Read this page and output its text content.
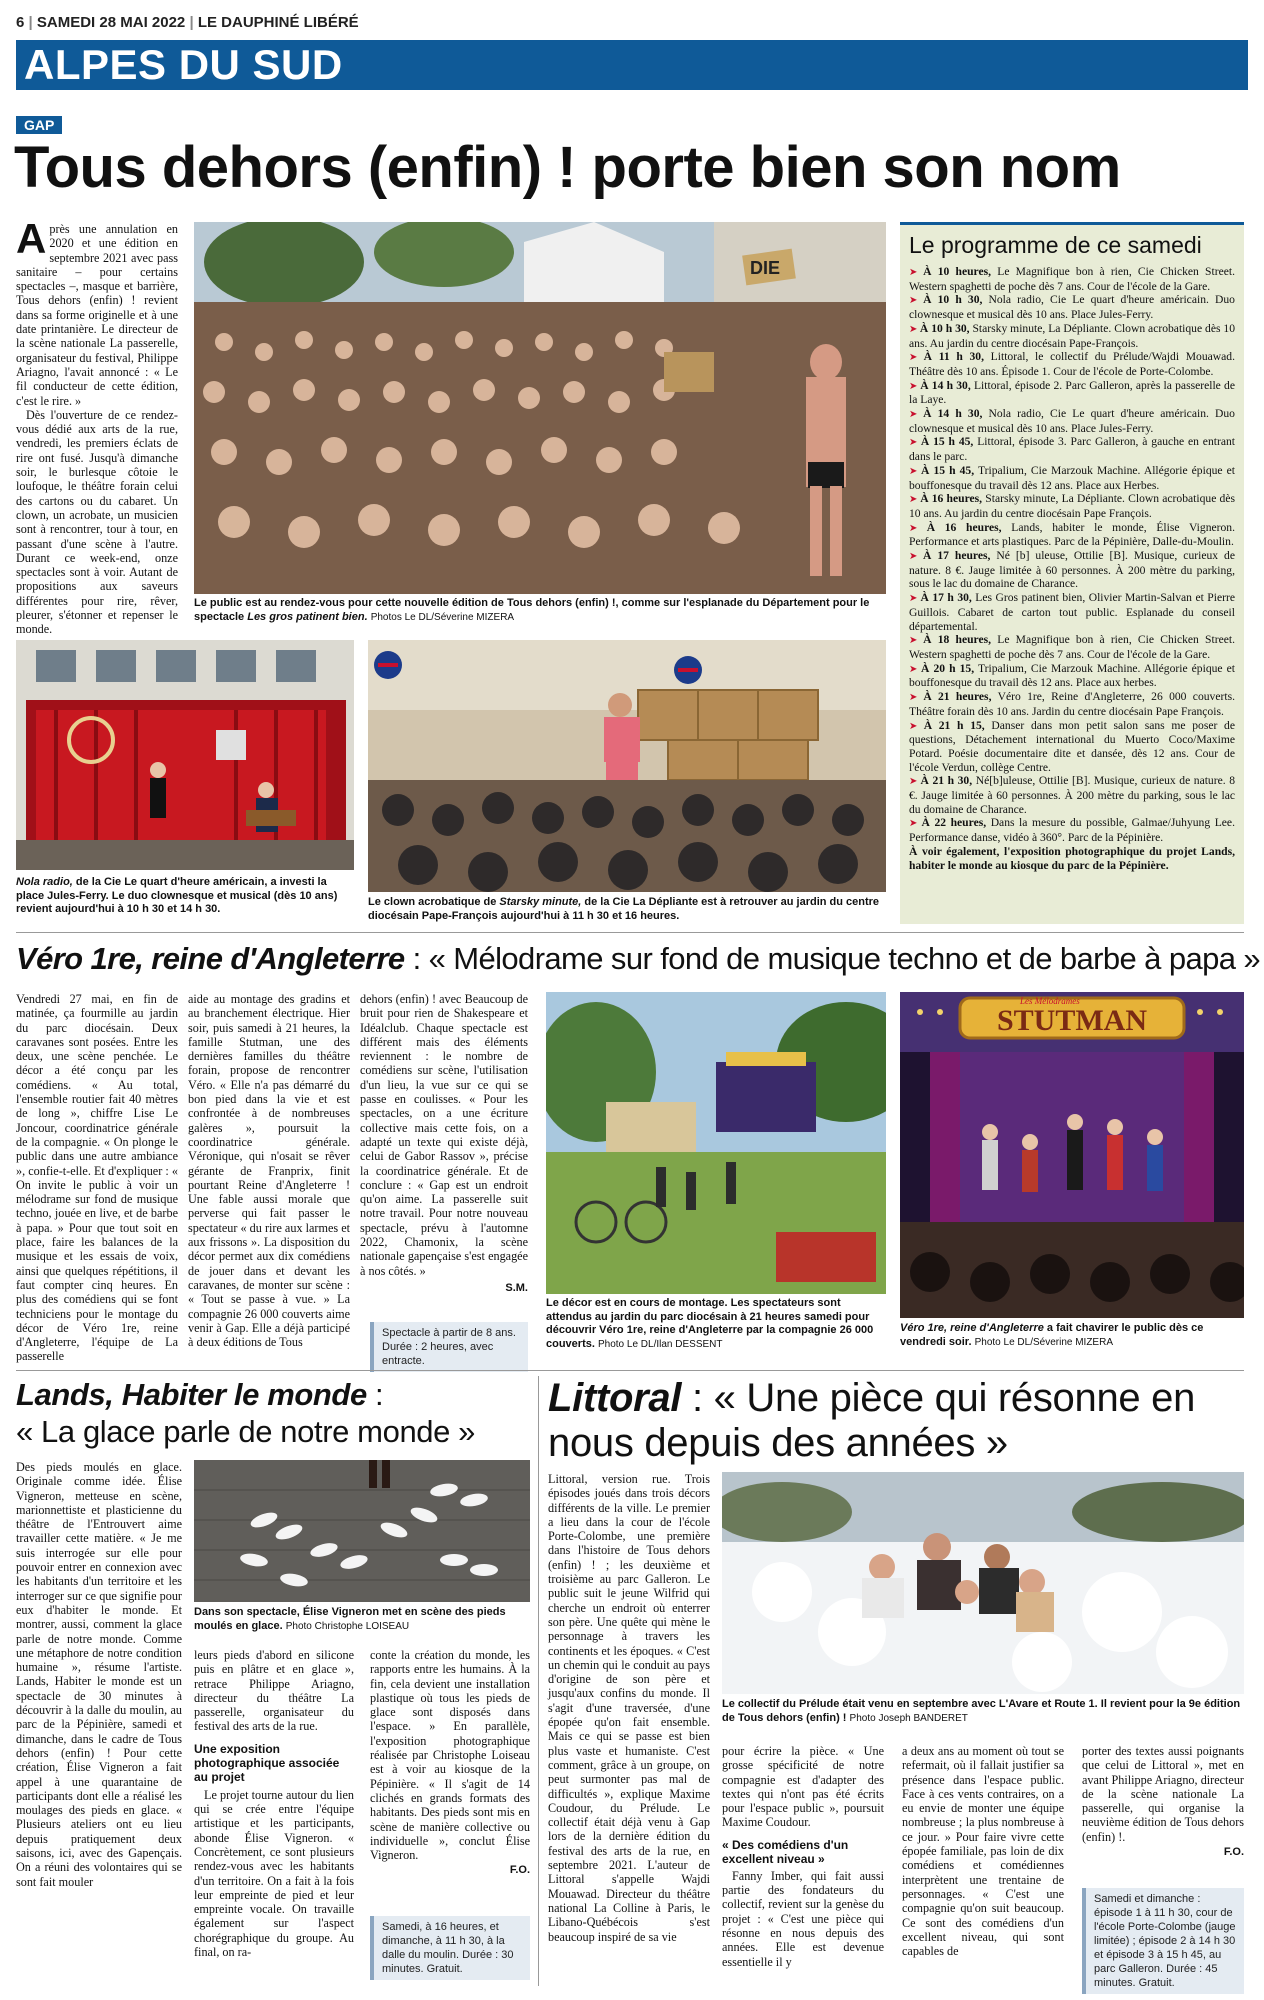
6 | SAMEDI 28 MAI 2022 | LE DAUPHINÉ LIBÉRÉ
ALPES DU SUD
GAP
Tous dehors (enfin) ! porte bien son nom

Après une annulation en 2020 et une édition en septembre 2021 avec pass sanitaire – pour certains spectacles –, masque et barrière, Tous dehors (enfin) ! revient dans sa forme originelle et à une date printanière. Le directeur de la scène nationale La passerelle, organisateur du festival, Philippe Ariagno, l'avait annoncé : « Le fil conducteur de cette édition, c'est le rire. »

Dès l'ouverture de ce rendez-vous dédié aux arts de la rue, vendredi, les premiers éclats de rire ont fusé. Jusqu'à dimanche soir, le burlesque côtoie le loufoque, le théâtre forain celui des cartons ou du cabaret. Un clown, un acrobate, un musicien sont à rencontrer, tour à tour, en passant d'une scène à l'autre. Durant ce week-end, onze spectacles sont à voir. Autant de propositions aux saveurs différentes pour rire, rêver, pleurer, s'étonner et repenser le monde.

DIE
Le public est au rendez-vous pour cette nouvelle édition de Tous dehors (enfin) !, comme sur l'esplanade du Département pour le spectacle Les gros patinent bien. Photos Le DL/Séverine MIZERA
Nola radio, de la Cie Le quart d'heure américain, a investi la place Jules-Ferry. Le duo clownesque et musical (dès 10 ans) revient aujourd'hui à 10 h 30 et 14 h 30.
Le clown acrobatique de Starsky minute, de la Cie La Dépliante est à retrouver au jardin du centre diocésain Pape-François aujourd'hui à 11 h 30 et 16 heures.
Le programme de ce samedi
➤ À 10 heures, Le Magnifique bon à rien, Cie Chicken Street. Western spaghetti de poche dès 7 ans. Cour de l'école de la Gare.
➤ À 10 h 30, Nola radio, Cie Le quart d'heure américain. Duo clownesque et musical dès 10 ans. Place Jules-Ferry.
➤ À 10 h 30, Starsky minute, La Dépliante. Clown acrobatique dès 10 ans. Au jardin du centre diocésain Pape-François.
➤ À 11 h 30, Littoral, le collectif du Prélude/Wajdi Mouawad. Théâtre dès 10 ans. Épisode 1. Cour de l'école de Porte-Colombe.
➤ À 14 h 30, Littoral, épisode 2. Parc Galleron, après la passerelle de la Laye.
➤ À 14 h 30, Nola radio, Cie Le quart d'heure américain. Duo clownesque et musical dès 10 ans. Place Jules-Ferry.
➤ À 15 h 45, Littoral, épisode 3. Parc Galleron, à gauche en entrant dans le parc.
➤ À 15 h 45, Tripalium, Cie Marzouk Machine. Allégorie épique et bouffonesque du travail dès 12 ans. Place aux Herbes.
➤ À 16 heures, Starsky minute, La Dépliante. Clown acrobatique dès 10 ans. Au jardin du centre diocésain Pape François.
➤ À 16 heures, Lands, habiter le monde, Élise Vigneron. Performance et arts plastiques. Parc de la Pépinière, Dalle-du-Moulin.
➤ À 17 heures, Né [b] uleuse, Ottilie [B]. Musique, curieux de nature. 8 €. Jauge limitée à 60 personnes. À 200 mètre du parking, sous le lac du domaine de Charance.
➤ À 17 h 30, Les Gros patinent bien, Olivier Martin-Salvan et Pierre Guillois. Cabaret de carton tout public. Esplanade du conseil départemental.
➤ À 18 heures, Le Magnifique bon à rien, Cie Chicken Street. Western spaghetti de poche dès 7 ans. Cour de l'école de la Gare.
➤ À 20 h 15, Tripalium, Cie Marzouk Machine. Allégorie épique et bouffonesque du travail dès 12 ans. Place aux herbes.
➤ À 21 heures, Véro 1re, Reine d'Angleterre, 26 000 couverts. Théâtre forain dès 10 ans. Jardin du centre diocésain Pape François.
➤ À 21 h 15, Danser dans mon petit salon sans me poser de questions, Détachement international du Muerto Coco/Maxime Potard. Poésie documentaire dite et dansée, dès 12 ans. Cour de l'école Verdun, collège Centre.
➤ À 21 h 30, Né[b]uleuse, Ottilie [B]. Musique, curieux de nature. 8 €. Jauge limitée à 60 personnes. À 200 mètre du parking, sous le lac du domaine de Charance.
➤ À 22 heures, Dans la mesure du possible, Galmae/Juhyung Lee. Performance danse, vidéo à 360°. Parc de la Pépinière.
À voir également, l'exposition photographique du projet Lands, habiter le monde au kiosque du parc de la Pépinière.
Véro 1re, reine d'Angleterre : « Mélodrame sur fond de musique techno et de barbe à papa »

Vendredi 27 mai, en fin de matinée, ça fourmille au jardin du parc diocésain. Deux caravanes sont posées. Entre les deux, une scène penchée. Le décor a été conçu par les comédiens. « Au total, l'ensemble routier fait 40 mètres de long », chiffre Lise Le Joncour, coordinatrice générale de la compagnie. « On plonge le public dans une autre ambiance », confie-t-elle. Et d'expliquer : « On invite le public à voir un mélodrame sur fond de musique techno, jouée en live, et de barbe à papa. » Pour que tout soit en place, faire les balances de la musique et les essais de voix, ainsi que quelques répétitions, il faut compter cinq heures. En plus des comédiens qui se font techniciens pour le montage du décor de Véro 1re, reine d'Angleterre, l'équipe de La passerelle

aide au montage des gradins et au branchement électrique. Hier soir, puis samedi à 21 heures, la famille Stutman, une des dernières familles du théâtre forain, propose de rencontrer Véro. « Elle n'a pas démarré du bon pied dans la vie et est confrontée à de nombreuses galères », poursuit la coordinatrice générale. Véronique, qui n'osait se rêver gérante de Franprix, finit pourtant Reine d'Angleterre ! Une fable aussi morale que perverse qui fait passer le spectateur « du rire aux larmes et aux frissons ». La disposition du décor permet aux dix comédiens de jouer dans et devant les caravanes, de monter sur scène : « Tout se passe à vue. » La compagnie 26 000 couverts aime venir à Gap. Elle a déjà participé à deux éditions de Tous

dehors (enfin) ! avec Beaucoup de bruit pour rien de Shakespeare et Idéalclub. Chaque spectacle est différent mais des éléments reviennent : le nombre de comédiens sur scène, l'utilisation d'un lieu, la vue sur ce qui se passe en coulisses. « Pour les spectacles, on a une écriture collective mais cette fois, on a adapté un texte qui existe déjà, celui de Gabor Rassov », précise la coordinatrice générale. Et de conclure : « Gap est un endroit qu'on aime. La passerelle suit notre travail. Pour notre nouveau spectacle, prévu à l'automne 2022, Chamonix, la scène nationale gapençaise s'est engagée à nos côtés. »

S.M.
Spectacle à partir de 8 ans. Durée : 2 heures, avec entracte.
Le décor est en cours de montage. Les spectateurs sont attendus au jardin du parc diocésain à 21 heures samedi pour découvrir Véro 1re, reine d'Angleterre par la compagnie 26 000 couverts. Photo Le DL/Ilan DESSENT
STUTMAN
Les Mélodrames
Véro 1re, reine d'Angleterre a fait chavirer le public dès ce vendredi soir. Photo Le DL/Séverine MIZERA
Lands, Habiter le monde :
« La glace parle de notre monde »

Des pieds moulés en glace. Originale comme idée. Élise Vigneron, metteuse en scène, marionnettiste et plasticienne du théâtre de l'Entrouvert aime travailler cette matière. « Je me suis interrogée sur elle pour pouvoir entrer en connexion avec les habitants d'un territoire et les interroger sur ce que signifie pour eux d'habiter le monde. Et montrer, aussi, comment la glace parle de notre monde. Comme une métaphore de notre condition humaine », résume l'artiste. Lands, Habiter le monde est un spectacle de 30 minutes à découvrir à la dalle du moulin, au parc de la Pépinière, samedi et dimanche, dans le cadre de Tous dehors (enfin) ! Pour cette création, Élise Vigneron a fait appel à une quarantaine de participants dont elle a réalisé les moulages des pieds en glace. « Plusieurs ateliers ont eu lieu depuis pratiquement deux saisons, ici, avec des Gapençais. On a réuni des volontaires qui se sont fait mouler

Dans son spectacle, Élise Vigneron met en scène des pieds moulés en glace. Photo Christophe LOISEAU

leurs pieds d'abord en silicone puis en plâtre et en glace », retrace Philippe Ariagno, directeur du théâtre La passerelle, organisateur du festival des arts de la rue.

Une exposition photographique associée au projet

Le projet tourne autour du lien qui se crée entre l'équipe artistique et les participants, abonde Élise Vigneron. « Concrètement, ce sont plusieurs rendez-vous avec les habitants d'un territoire. On a fait à la fois leur empreinte de pied et leur empreinte vocale. On travaille également sur l'aspect chorégraphique du groupe. Au final, on ra-

conte la création du monde, les rapports entre les humains. À la fin, cela devient une installation plastique où tous les pieds de glace sont disposés dans l'espace. » En parallèle, l'exposition photographique réalisée par Christophe Loiseau est à voir au kiosque de la Pépinière. « Il s'agit de 14 clichés en grands formats des habitants. Des pieds sont mis en scène de manière collective ou individuelle », conclut Élise Vigneron.

F.O.
Samedi, à 16 heures, et dimanche, à 11 h 30, à la dalle du moulin. Durée : 30 minutes. Gratuit.
Littoral : « Une pièce qui résonne en nous depuis des années »

Littoral, version rue. Trois épisodes joués dans trois décors différents de la ville. Le premier a lieu dans la cour de l'école Porte-Colombe, une première dans l'histoire de Tous dehors (enfin) ! ; les deuxième et troisième au parc Galleron. Le public suit le jeune Wilfrid qui cherche un endroit où enterrer son père. Une quête qui mène le personnage à travers les continents et les époques. « C'est un chemin qui le conduit au pays d'origine de son père et jusqu'aux confins du monde. Il s'agit d'une traversée, d'une épopée qu'on fait ensemble. Mais ce qui se passe est bien plus vaste et humaniste. C'est comment, grâce à un groupe, on peut surmonter pas mal de difficultés », explique Maxime Coudour, du Prélude. Le collectif était déjà venu à Gap lors de la dernière édition du festival des arts de la rue, en septembre 2021. L'auteur de Littoral s'appelle Wajdi Mouawad. Directeur du théâtre national La Colline à Paris, le Libano-Québécois s'est beaucoup inspiré de sa vie

Le collectif du Prélude était venu en septembre avec L'Avare et Route 1. Il revient pour la 9e édition de Tous dehors (enfin) ! Photo Joseph BANDERET

pour écrire la pièce. « Une grosse spécificité de notre compagnie est d'adapter des textes qui n'ont pas été écrits pour l'espace public », poursuit Maxime Coudour.

« Des comédiens d'un excellent niveau »

Fanny Imber, qui fait aussi partie des fondateurs du collectif, revient sur la genèse du projet : « C'est une pièce qui résonne en nous depuis des années. Elle est devenue essentielle il y

a deux ans au moment où tout se refermait, où il fallait justifier sa présence dans l'espace public. Face à ces vents contraires, on a eu envie de monter une équipe nombreuse ; la plus nombreuse à ce jour. » Pour faire vivre cette épopée familiale, pas loin de dix comédiens et comédiennes interprètent une trentaine de personnages. « C'est une compagnie qu'on suit beaucoup. Ce sont des comédiens d'un excellent niveau, qui sont capables de

porter des textes aussi poignants que celui de Littoral », met en avant Philippe Ariagno, directeur de la scène nationale La passerelle, qui organise la neuvième édition de Tous dehors (enfin) !.

F.O.
Samedi et dimanche : épisode 1 à 11 h 30, cour de l'école Porte-Colombe (jauge limitée) ; épisode 2 à 14 h 30 et épisode 3 à 15 h 45, au parc Galleron. Durée : 45 minutes. Gratuit.
